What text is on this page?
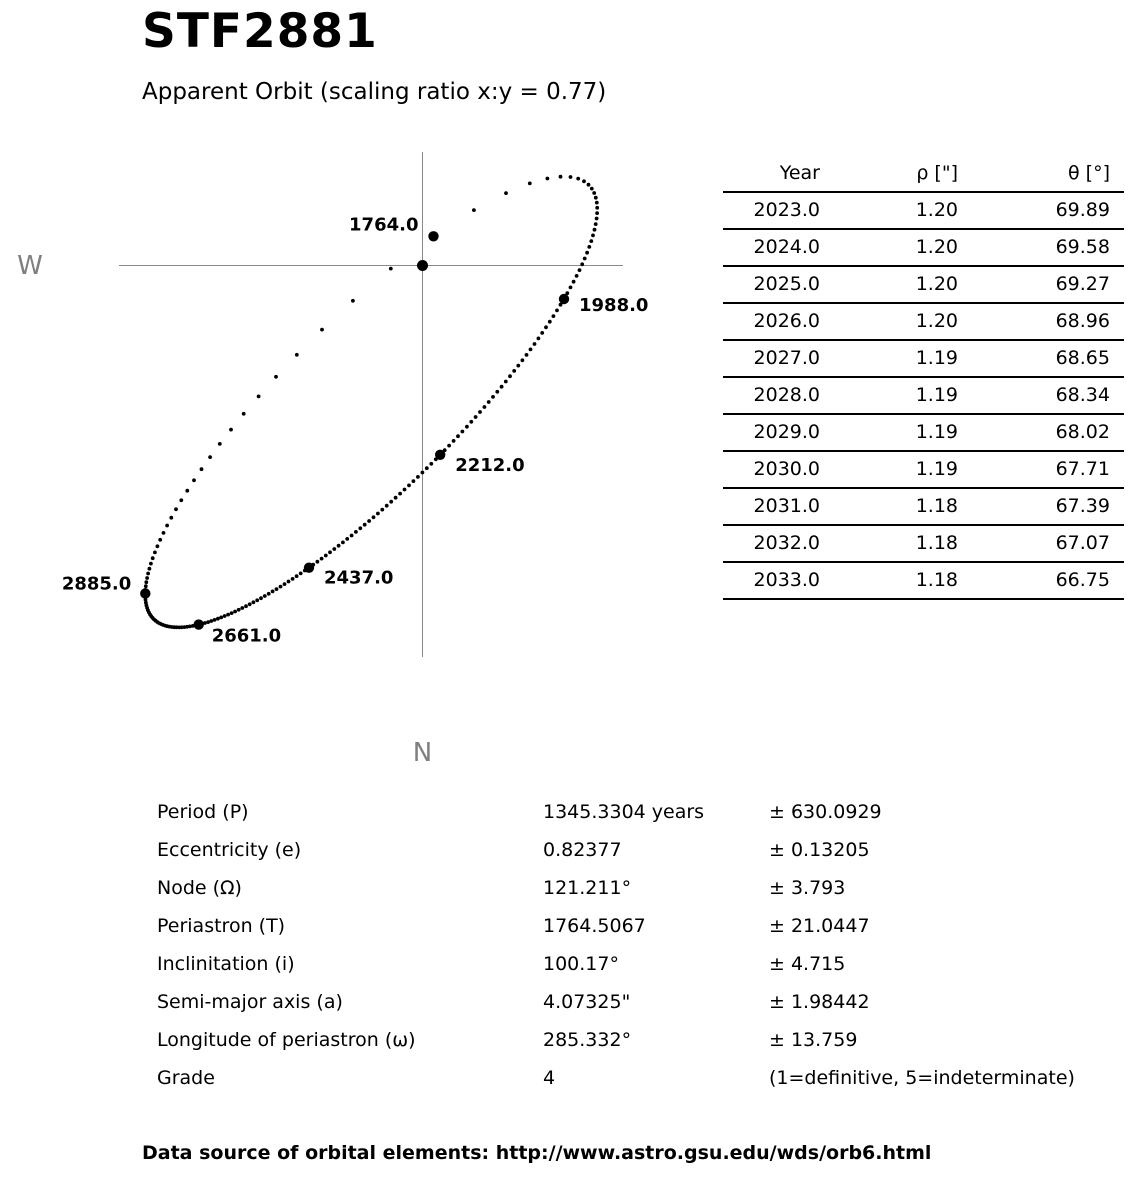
W
N
1764.0
1988.0
2212.0
2437.0
2661.0
2885.0
STF2881
Apparent Orbit (scaling ratio x:y = 0.77)
Year	ρ ["]	θ [°]
2023.0	1.20	69.89
2024.0	1.20	69.58
2025.0	1.20	69.27
2026.0	1.20	68.96
2027.0	1.19	68.65
2028.0	1.19	68.34
2029.0	1.19	68.02
2030.0	1.19	67.71
2031.0	1.18	67.39
2032.0	1.18	67.07
2033.0	1.18	66.75
Period (P)	1345.3304 years	± 630.0929
Eccentricity (e)	0.82377	± 0.13205
Node (Ω)	121.211°	± 3.793
Periastron (T)	1764.5067	± 21.0447
Inclinitation (i)	100.17°	± 4.715
Semi-major axis (a)	4.07325"	± 1.98442
Longitude of periastron (ω)	285.332°	± 13.759
Grade	4	(1=definitive, 5=indeterminate)
Data source of orbital elements: http://www.astro.gsu.edu/wds/orb6.html
